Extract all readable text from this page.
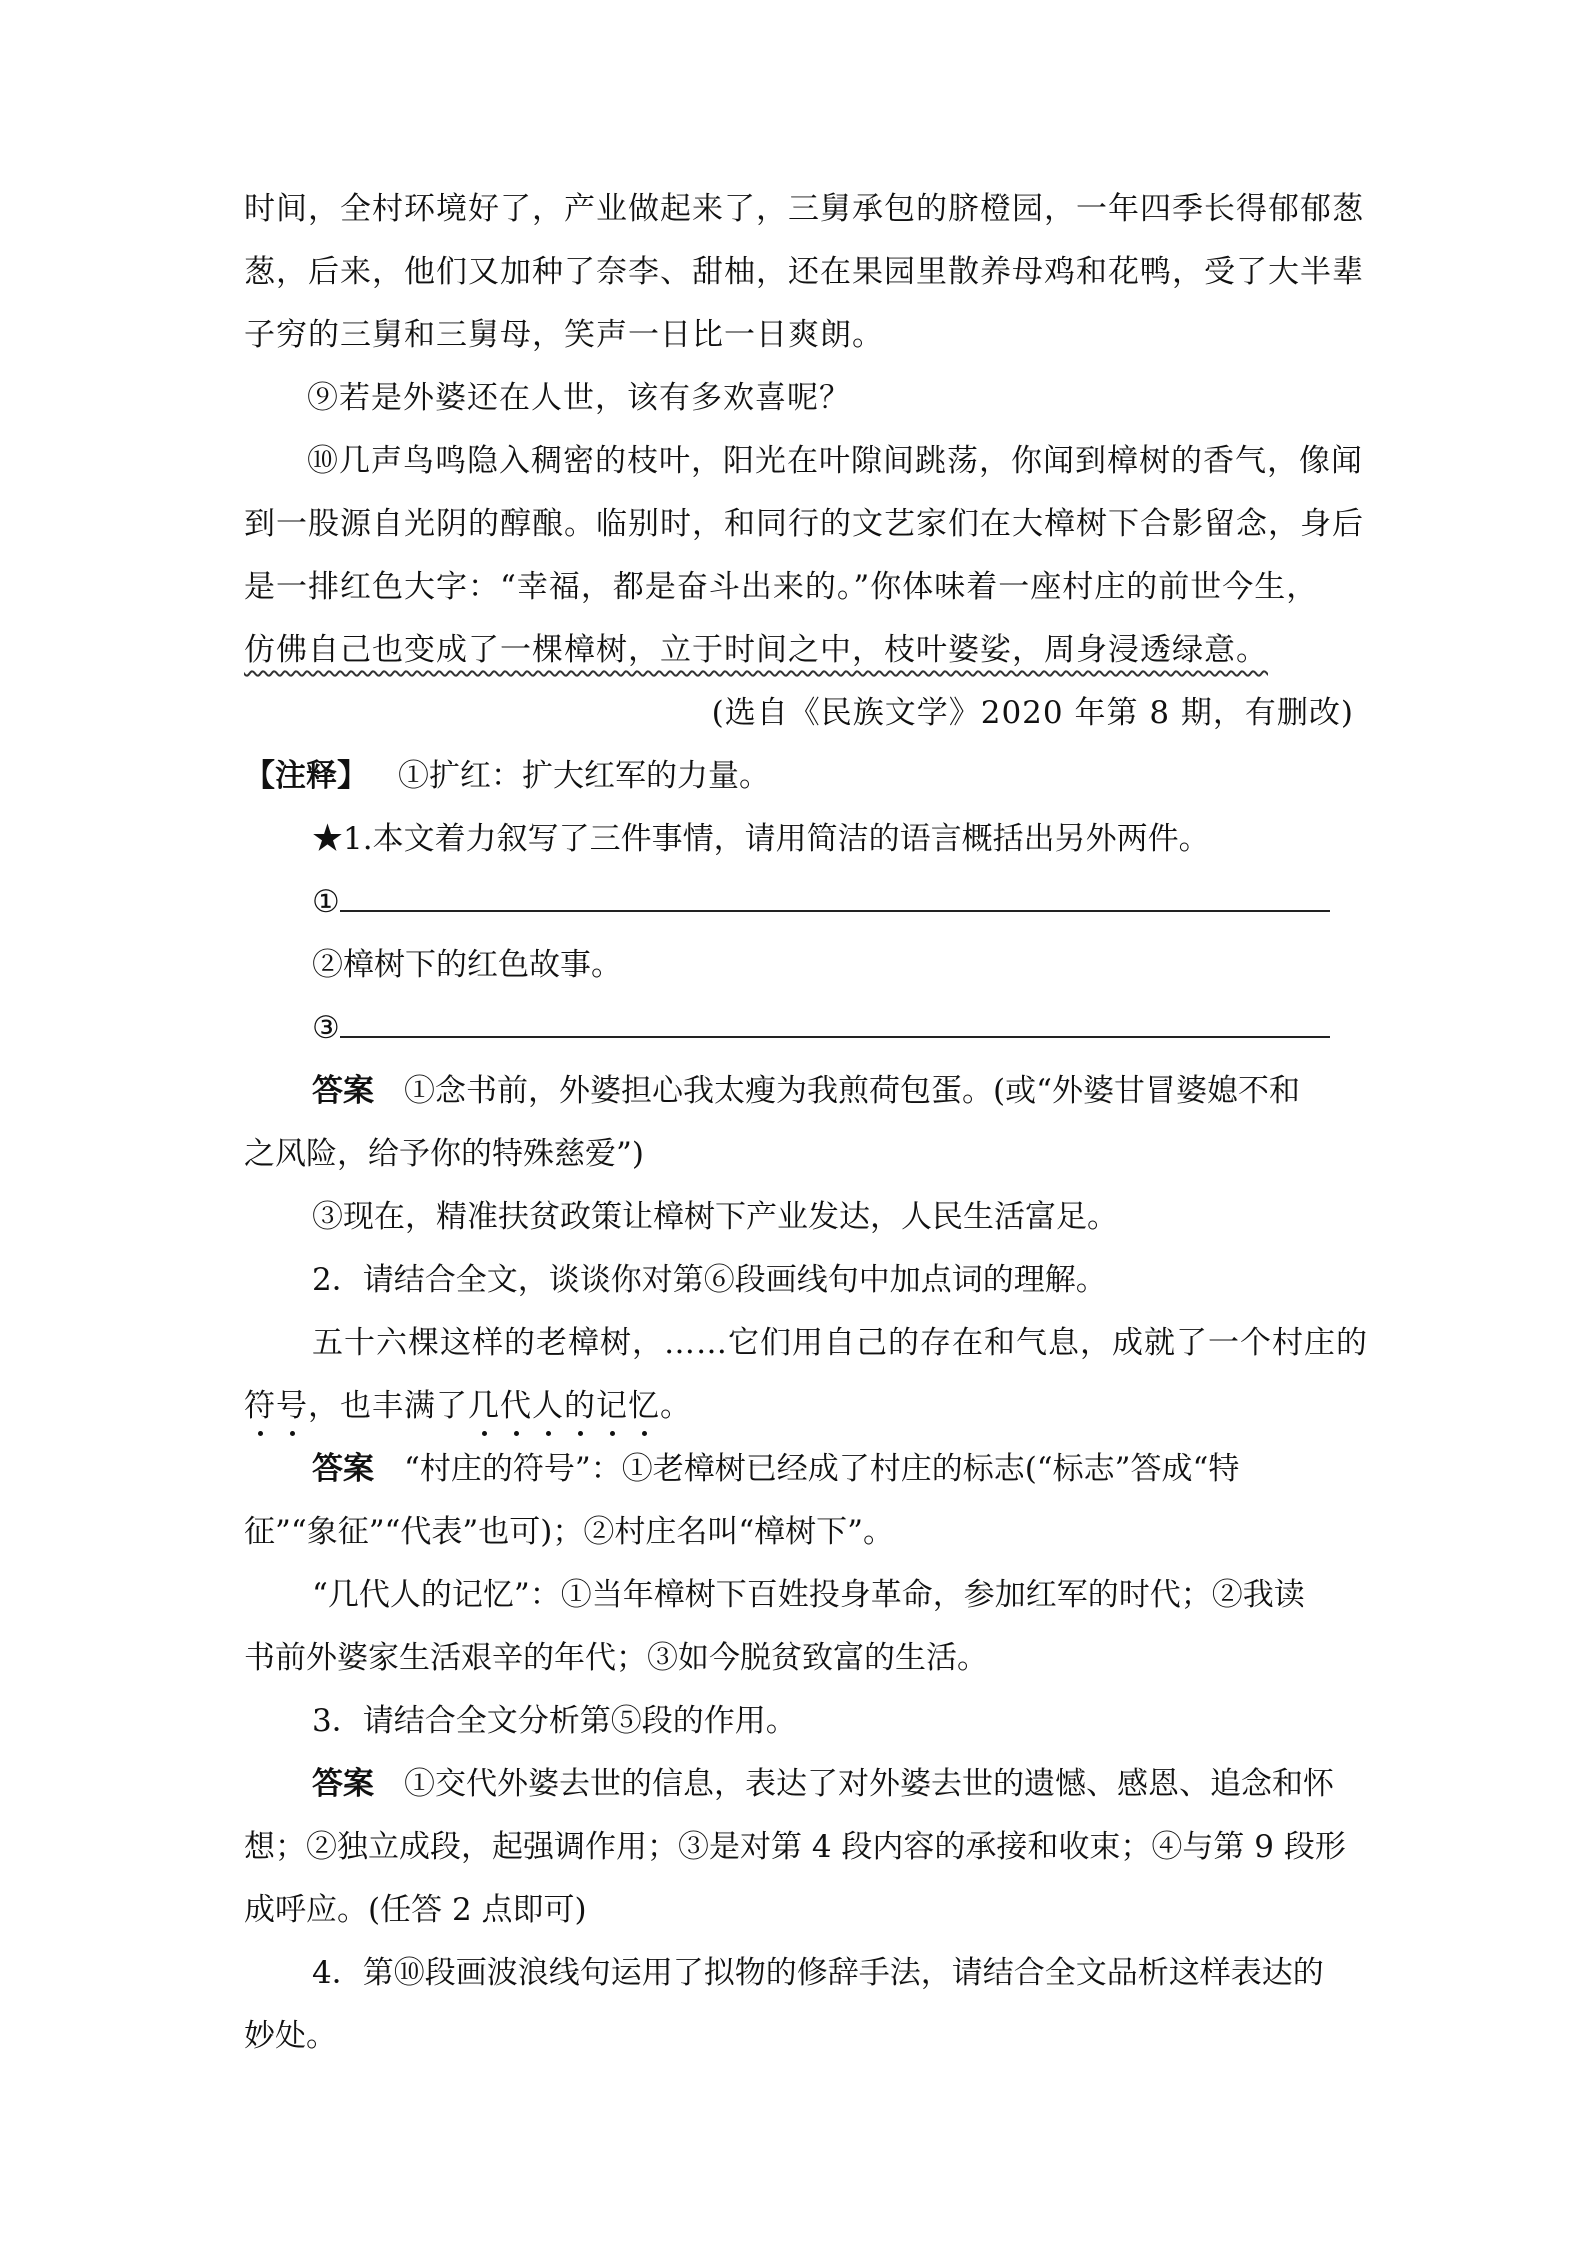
时间，全村环境好了，产业做起来了，三舅承包的脐橙园，一年四季长得郁郁葱
葱，后来，他们又加种了奈李、甜柚，还在果园里散养母鸡和花鸭，受了大半辈
子穷的三舅和三舅母，笑声一日比一日爽朗。
⑨若是外婆还在人世，该有多欢喜呢？
⑩几声鸟鸣隐入稠密的枝叶，阳光在叶隙间跳荡，你闻到樟树的香气，像闻
到一股源自光阴的醇酿。临别时，和同行的文艺家们在大樟树下合影留念，身后
是一排红色大字：“幸福，都是奋斗出来的。”你体味着一座村庄的前世今生，
仿佛自己也变成了一棵樟树，立于时间之中，枝叶婆娑，周身浸透绿意。
(选自《民族文学》2020 年第 8 期，有删改)
【注释】 ①扩红：扩大红军的力量。
★1.本文着力叙写了三件事情，请用简洁的语言概括出另外两件。
①
②樟树下的红色故事。
③
答案 ①念书前，外婆担心我太瘦为我煎荷包蛋。(或“外婆甘冒婆媳不和
之风险，给予你的特殊慈爱”)
③现在，精准扶贫政策让樟树下产业发达，人民生活富足。
2．请结合全文，谈谈你对第⑥段画线句中加点词的理解。
五十六棵这样的老樟树，……它们用自己的存在和气息，成就了一个村庄的
符号，也丰满了几代人的记忆。
答案 “村庄的符号”：①老樟树已经成了村庄的标志(“标志”答成“特
征”“象征”“代表”也可)；②村庄名叫“樟树下”。
“几代人的记忆”：①当年樟树下百姓投身革命，参加红军的时代；②我读
书前外婆家生活艰辛的年代；③如今脱贫致富的生活。
3．请结合全文分析第⑤段的作用。
答案 ①交代外婆去世的信息，表达了对外婆去世的遗憾、感恩、追念和怀
想；②独立成段，起强调作用；③是对第 4 段内容的承接和收束；④与第 9 段形
成呼应。(任答 2 点即可)
4．第⑩段画波浪线句运用了拟物的修辞手法，请结合全文品析这样表达的
妙处。
